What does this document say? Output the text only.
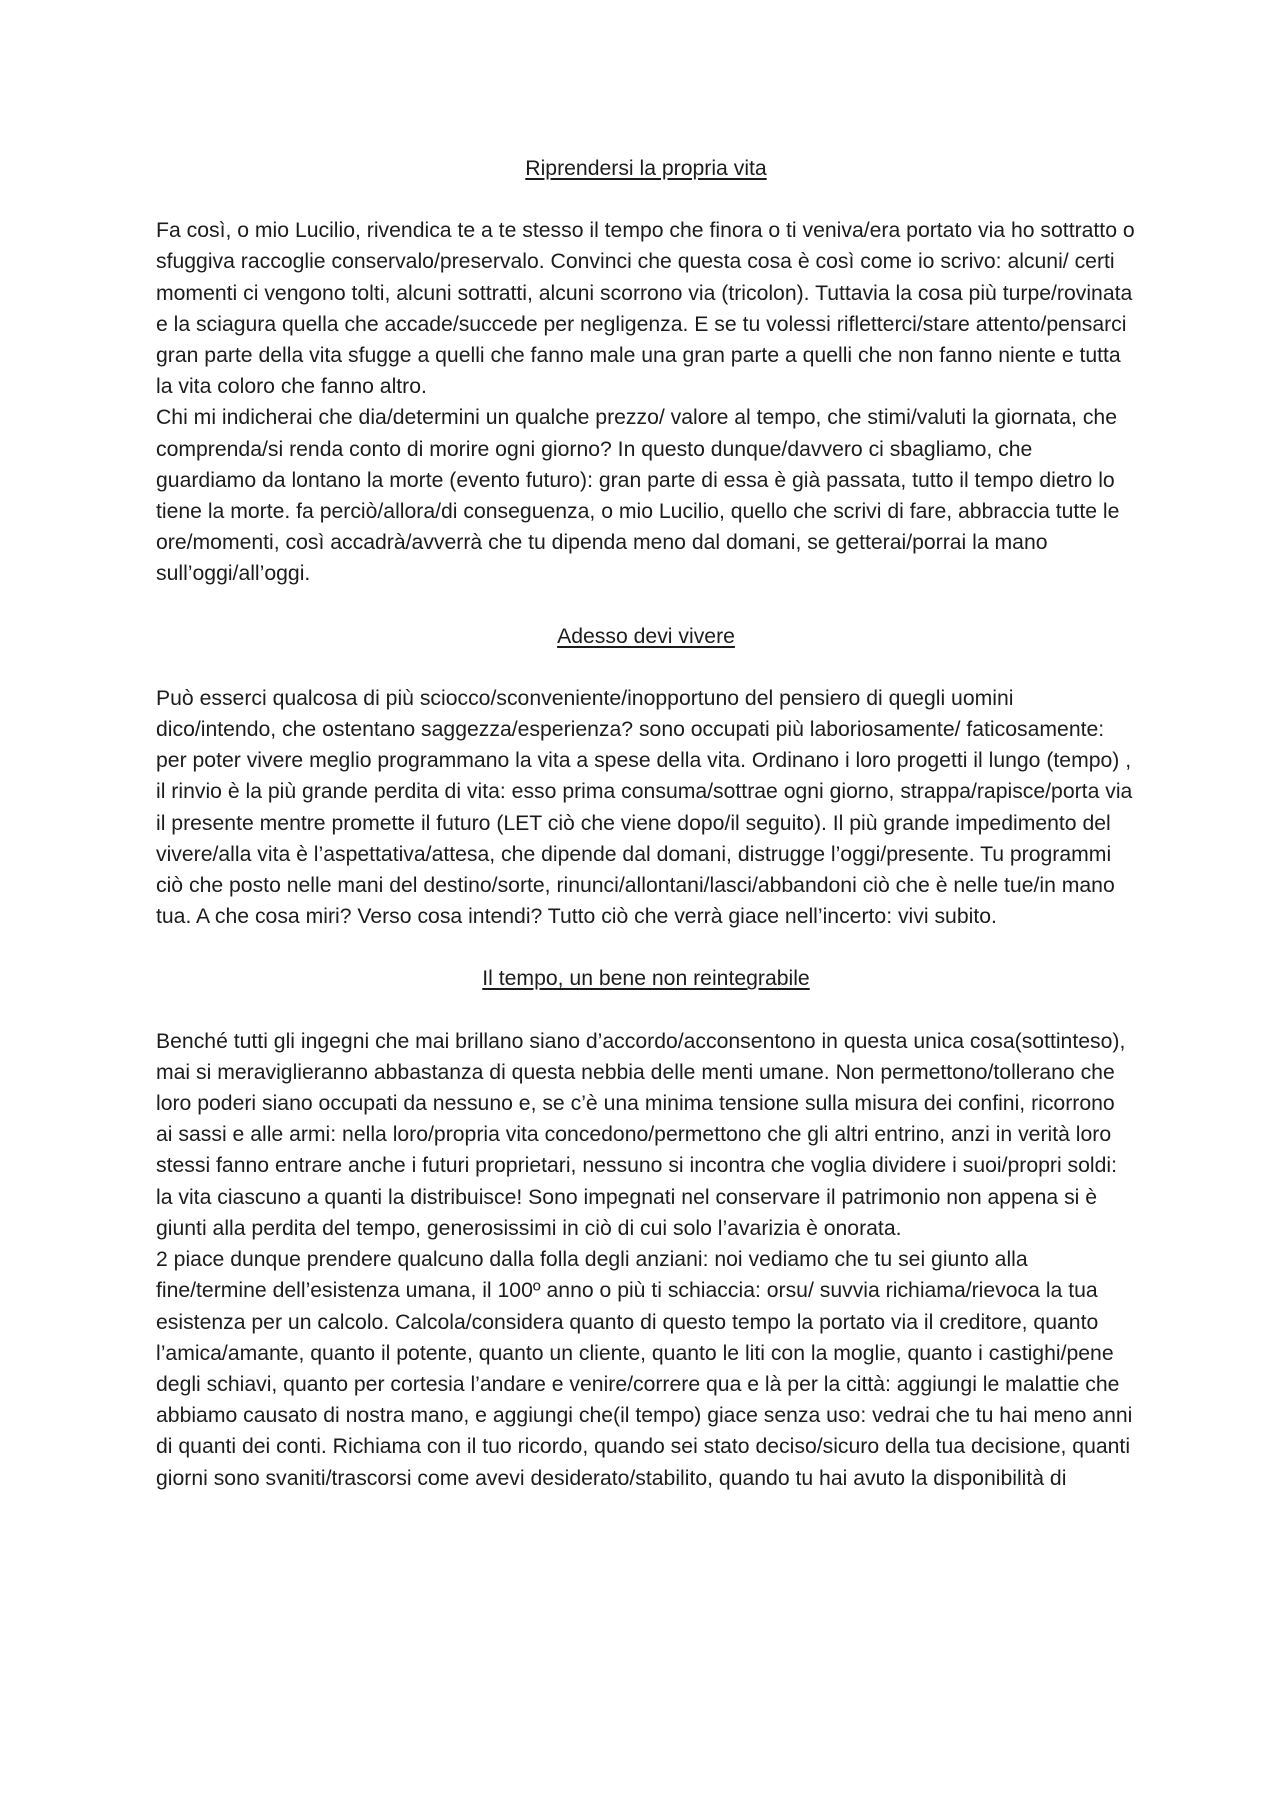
Riprendersi la propria vita

Fa così, o mio Lucilio, rivendica te a te stesso il tempo che finora o ti veniva/era portato via ho sottratto o sfuggiva raccoglie conservalo/preservalo. Convinci che questa cosa è così come io scrivo: alcuni/ certi momenti ci vengono tolti, alcuni sottratti, alcuni scorrono via (tricolon). Tuttavia la cosa più turpe/rovinata e la sciagura quella che accade/succede per negligenza. E se tu volessi rifletterci/stare attento/pensarci gran parte della vita sfugge a quelli che fanno male una gran parte a quelli che non fanno niente e tutta la vita coloro che fanno altro.

Chi mi indicherai che dia/determini un qualche prezzo/ valore al tempo, che stimi/valuti la giornata, che comprenda/si renda conto di morire ogni giorno? In questo dunque/davvero ci sbagliamo, che guardiamo da lontano la morte (evento futuro): gran parte di essa è già passata, tutto il tempo dietro lo tiene la morte. fa perciò/allora/di conseguenza, o mio Lucilio, quello che scrivi di fare, abbraccia tutte le ore/momenti, così accadrà/avverrà che tu dipenda meno dal domani, se getterai/porrai la mano sull’oggi/all’oggi.

Adesso devi vivere

Può esserci qualcosa di più sciocco/sconveniente/inopportuno del pensiero di quegli uomini dico/intendo, che ostentano saggezza/esperienza? sono occupati più laboriosamente/ faticosamente: per poter vivere meglio programmano la vita a spese della vita. Ordinano i loro progetti il lungo (tempo) , il rinvio è la più grande perdita di vita: esso prima consuma/sottrae ogni giorno, strappa/rapisce/porta via il presente mentre promette il futuro (LET ciò che viene dopo/il seguito). Il più grande impedimento del vivere/alla vita è l’aspettativa/attesa, che dipende dal domani, distrugge l’oggi/presente. Tu programmi ciò che posto nelle mani del destino/sorte, rinunci/allontani/lasci/abbandoni ciò che è nelle tue/in mano tua. A che cosa miri? Verso cosa intendi? Tutto ciò che verrà giace nell’incerto: vivi subito.

Il tempo, un bene non reintegrabile

Benché tutti gli ingegni che mai brillano siano d’accordo/acconsentono in questa unica cosa(sottinteso), mai si meraviglieranno abbastanza di questa nebbia delle menti umane. Non permettono/tollerano che loro poderi siano occupati da nessuno e, se c’è una minima tensione sulla misura dei confini, ricorrono ai sassi e alle armi: nella loro/propria vita concedono/permettono che gli altri entrino, anzi in verità loro stessi fanno entrare anche i futuri proprietari, nessuno si incontra che voglia dividere i suoi/propri soldi: la vita ciascuno a quanti la distribuisce! Sono impegnati nel conservare il patrimonio non appena si è giunti alla perdita del tempo, generosissimi in ciò di cui solo l’avarizia è onorata.

2 piace dunque prendere qualcuno dalla folla degli anziani: noi vediamo che tu sei giunto alla fine/termine dell’esistenza umana, il 100º anno o più ti schiaccia: orsu/ suvvia richiama/rievoca la tua esistenza per un calcolo. Calcola/considera quanto di questo tempo la portato via il creditore, quanto l’amica/amante, quanto il potente, quanto un cliente, quanto le liti con la moglie, quanto i castighi/pene degli schiavi, quanto per cortesia l’andare e venire/correre qua e là per la città: aggiungi le malattie che abbiamo causato di nostra mano, e aggiungi che(il tempo) giace senza uso: vedrai che tu hai meno anni di quanti dei conti. Richiama con il tuo ricordo, quando sei stato deciso/sicuro della tua decisione, quanti giorni sono svaniti/trascorsi come avevi desiderato/stabilito, quando tu hai avuto la disponibilità di
